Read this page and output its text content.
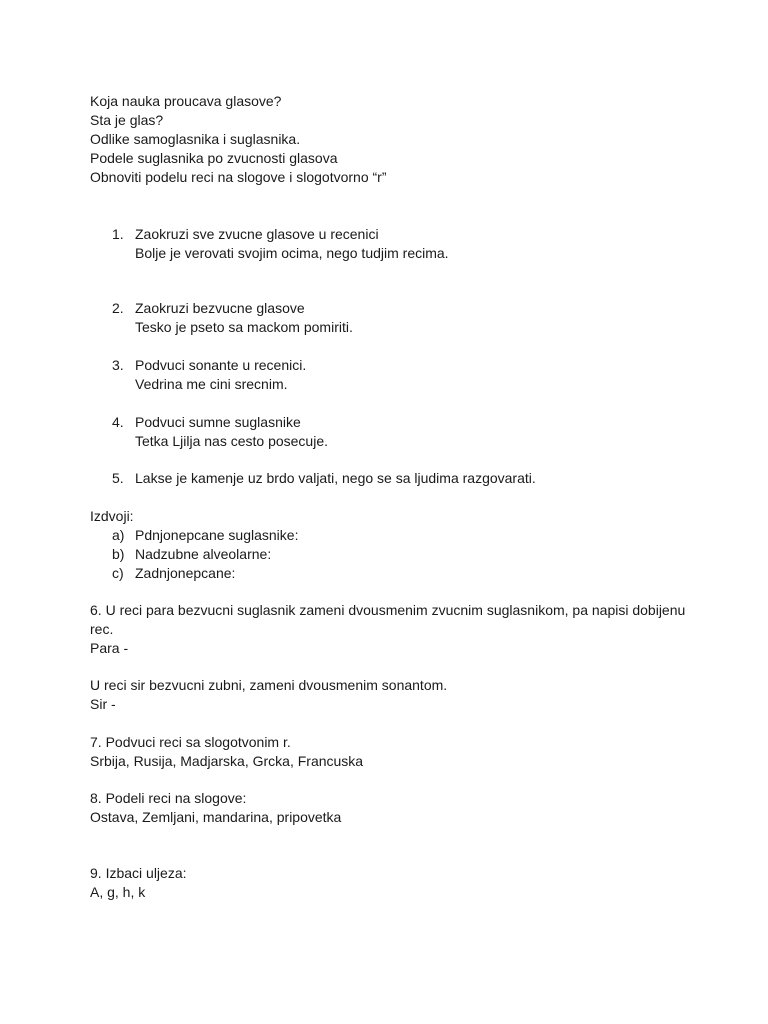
Koja nauka proucava glasove?
Sta je glas?
Odlike samoglasnika i suglasnika.
Podele suglasnika po zvucnosti glasova
Obnoviti podelu reci na slogove i slogotvorno “r”
1. Zaokruzi sve zvucne glasove u recenici
Bolje je verovati svojim ocima, nego tudjim recima.
2. Zaokruzi bezvucne glasove
Tesko je pseto sa mackom pomiriti.
3. Podvuci sonante u recenici.
Vedrina me cini srecnim.
4. Podvuci sumne suglasnike
Tetka Ljilja nas cesto posecuje.
5. Lakse je kamenje uz brdo valjati, nego se sa ljudima razgovarati.
Izdvoji:
a) Pdnjonepcane suglasnike:
b) Nadzubne alveolarne:
c) Zadnjonepcane:
6. U reci para bezvucni suglasnik zameni dvousmenim zvucnim suglasnikom, pa napisi dobijenu
rec.
Para -
U reci sir bezvucni zubni, zameni dvousmenim sonantom.
Sir -
7. Podvuci reci sa slogotvonim r.
Srbija, Rusija, Madjarska, Grcka, Francuska
8. Podeli reci na slogove:
Ostava, Zemljani, mandarina, pripovetka
9. Izbaci uljeza:
A, g, h, k
